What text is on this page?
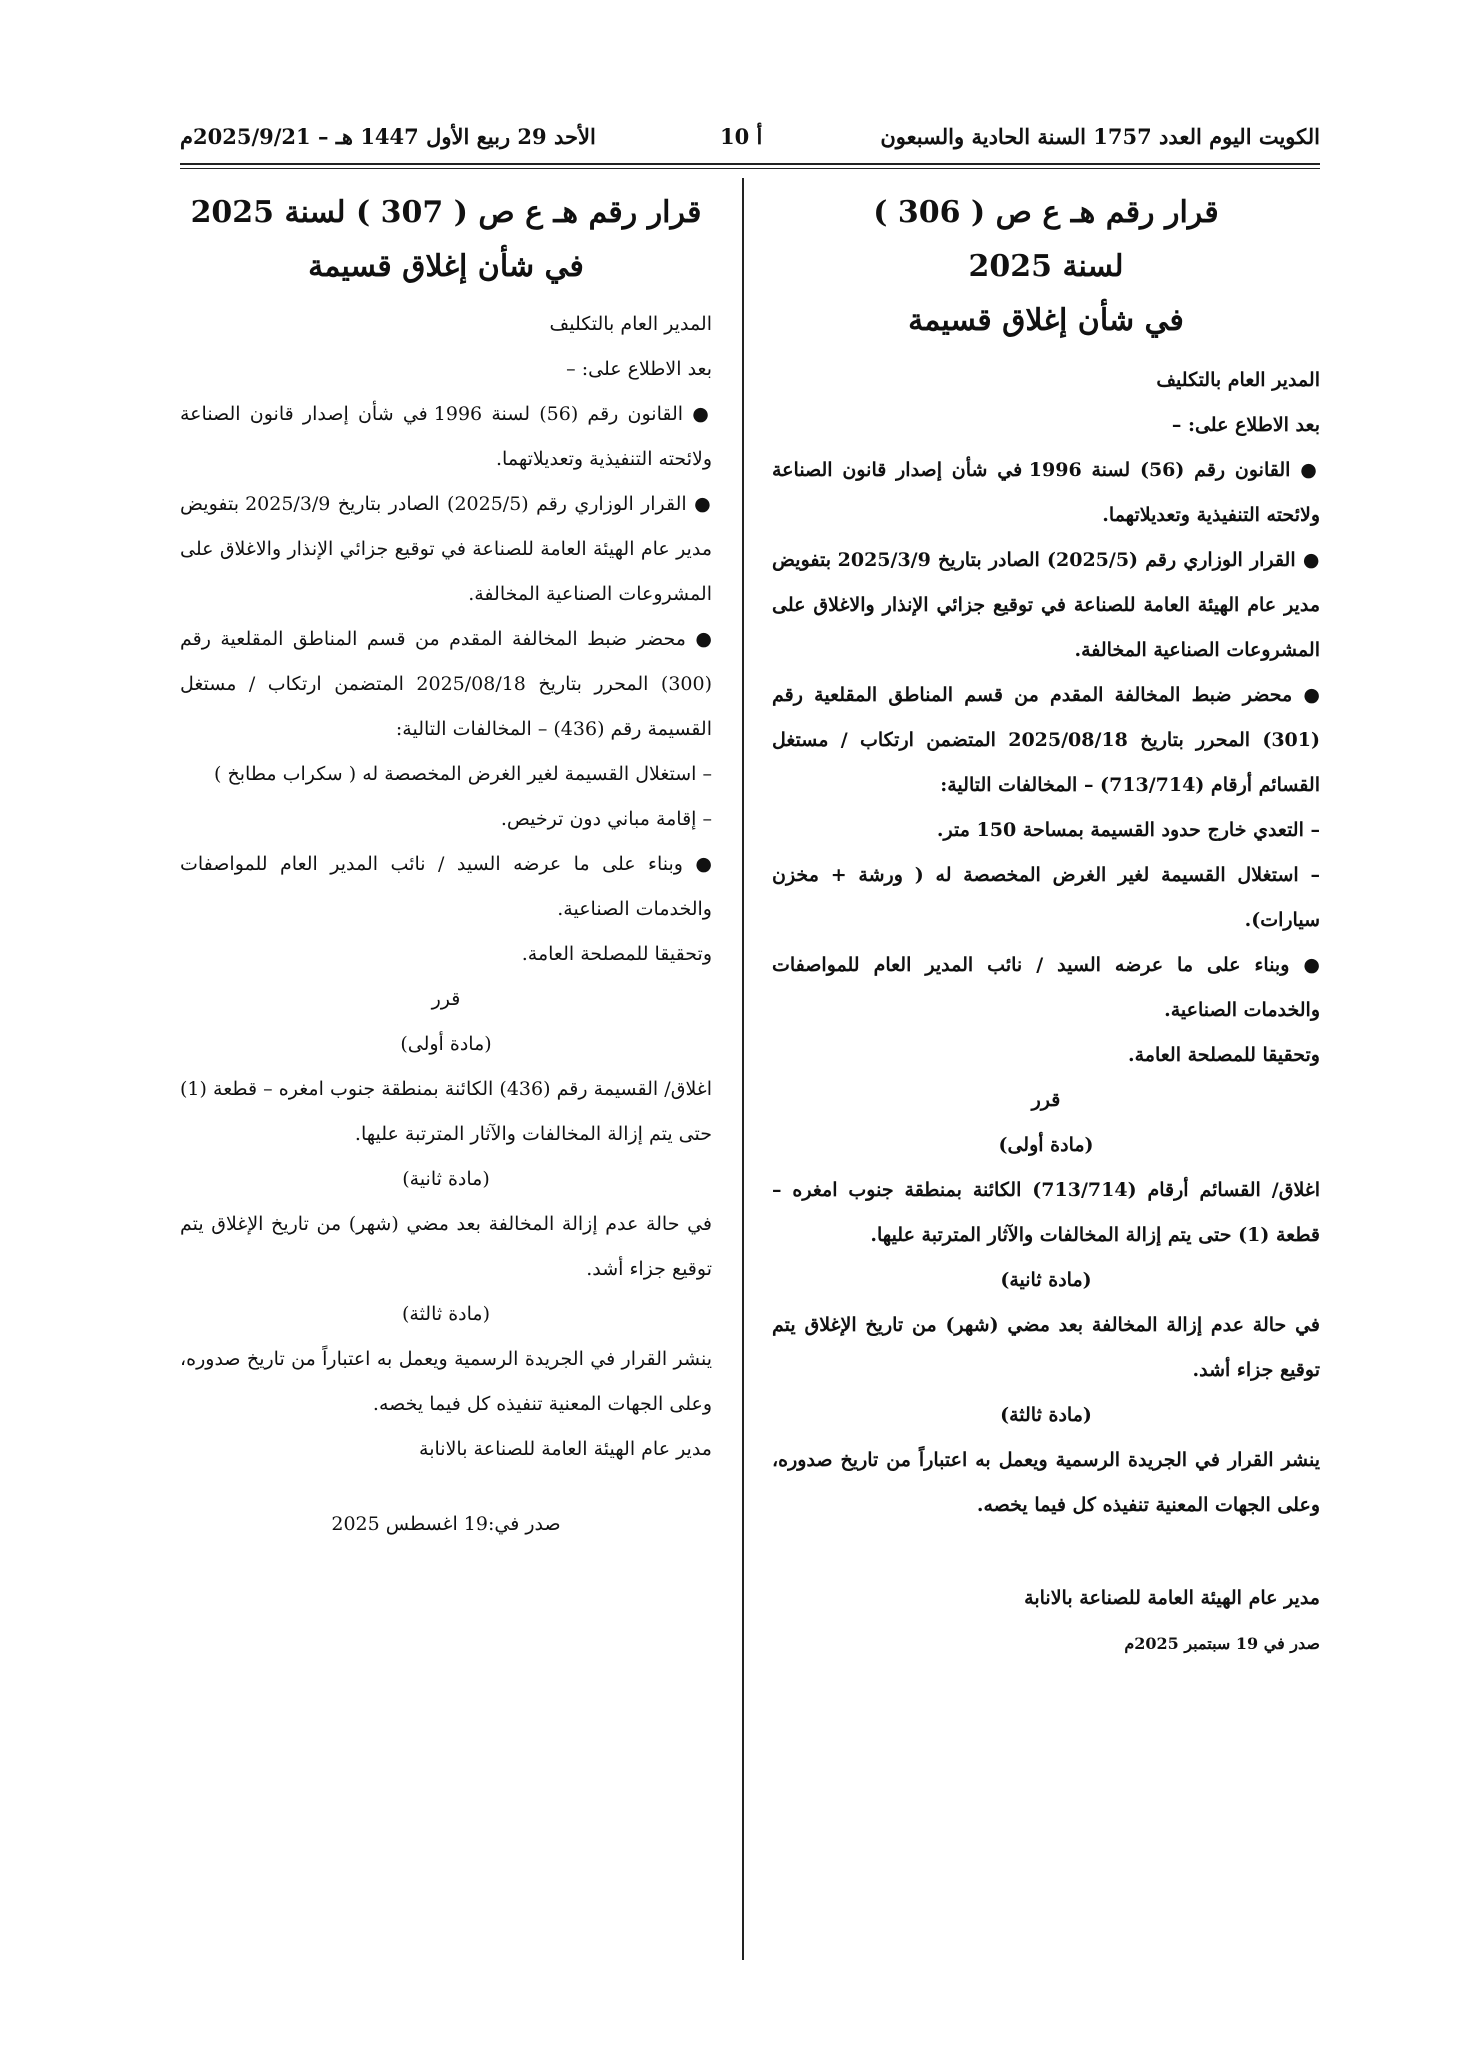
الكويت اليوم العدد 1757 السنة الحادية والسبعون
أ 10
الأحد 29 ربيع الأول 1447 هـ – 2025/9/21م

قرار رقم هـ ع ص ( 306 )

لسنة 2025

في شأن إغلاق قسيمة

المدير العام بالتكليف

بعد الاطلاع على: –

● القانون رقم (56) لسنة 1996 في شأن إصدار قانون الصناعة ولائحته التنفيذية وتعديلاتهما.

● القرار الوزاري رقم (2025/5) الصادر بتاريخ 2025/3/9 بتفويض مدير عام الهيئة العامة للصناعة في توقيع جزائي الإنذار والاغلاق على المشروعات الصناعية المخالفة.

● محضر ضبط المخالفة المقدم من قسم المناطق المقلعية رقم (301) المحرر بتاريخ 2025/08/18 المتضمن ارتكاب / مستغل القسائم أرقام (713/714) – المخالفات التالية:

– التعدي خارج حدود القسيمة بمساحة 150 متر.

– استغلال القسيمة لغير الغرض المخصصة له ( ورشة + مخزن سيارات).

● وبناء على ما عرضه السيد / نائب المدير العام للمواصفات والخدمات الصناعية.

وتحقيقا للمصلحة العامة.

قرر

(مادة أولى)

اغلاق/ القسائم أرقام (713/714) الكائنة بمنطقة جنوب امغره – قطعة (1) حتى يتم إزالة المخالفات والآثار المترتبة عليها.

(مادة ثانية)

في حالة عدم إزالة المخالفة بعد مضي (شهر) من تاريخ الإغلاق يتم توقيع جزاء أشد.

(مادة ثالثة)

ينشر القرار في الجريدة الرسمية ويعمل به اعتباراً من تاريخ صدوره، وعلى الجهات المعنية تنفيذه كل فيما يخصه.

مدير عام الهيئة العامة للصناعة بالانابة

صدر في 19 سبتمبر 2025م

قرار رقم هـ ع ص ( 307 ) لسنة 2025

في شأن إغلاق قسيمة

المدير العام بالتكليف

بعد الاطلاع على: –

● القانون رقم (56) لسنة 1996 في شأن إصدار قانون الصناعة ولائحته التنفيذية وتعديلاتهما.

● القرار الوزاري رقم (2025/5) الصادر بتاريخ 2025/3/9 بتفويض مدير عام الهيئة العامة للصناعة في توقيع جزائي الإنذار والاغلاق على المشروعات الصناعية المخالفة.

● محضر ضبط المخالفة المقدم من قسم المناطق المقلعية رقم (300) المحرر بتاريخ 2025/08/18 المتضمن ارتكاب / مستغل القسيمة رقم (436) – المخالفات التالية:

– استغلال القسيمة لغير الغرض المخصصة له ( سكراب مطابخ )

– إقامة مباني دون ترخيص.

● وبناء على ما عرضه السيد / نائب المدير العام للمواصفات والخدمات الصناعية.

وتحقيقا للمصلحة العامة.

قرر

(مادة أولى)

اغلاق/ القسيمة رقم (436) الكائنة بمنطقة جنوب امغره – قطعة (1) حتى يتم إزالة المخالفات والآثار المترتبة عليها.

(مادة ثانية)

في حالة عدم إزالة المخالفة بعد مضي (شهر) من تاريخ الإغلاق يتم توقيع جزاء أشد.

(مادة ثالثة)

ينشر القرار في الجريدة الرسمية ويعمل به اعتباراً من تاريخ صدوره، وعلى الجهات المعنية تنفيذه كل فيما يخصه.

مدير عام الهيئة العامة للصناعة بالانابة

صدر في:19 اغسطس 2025
